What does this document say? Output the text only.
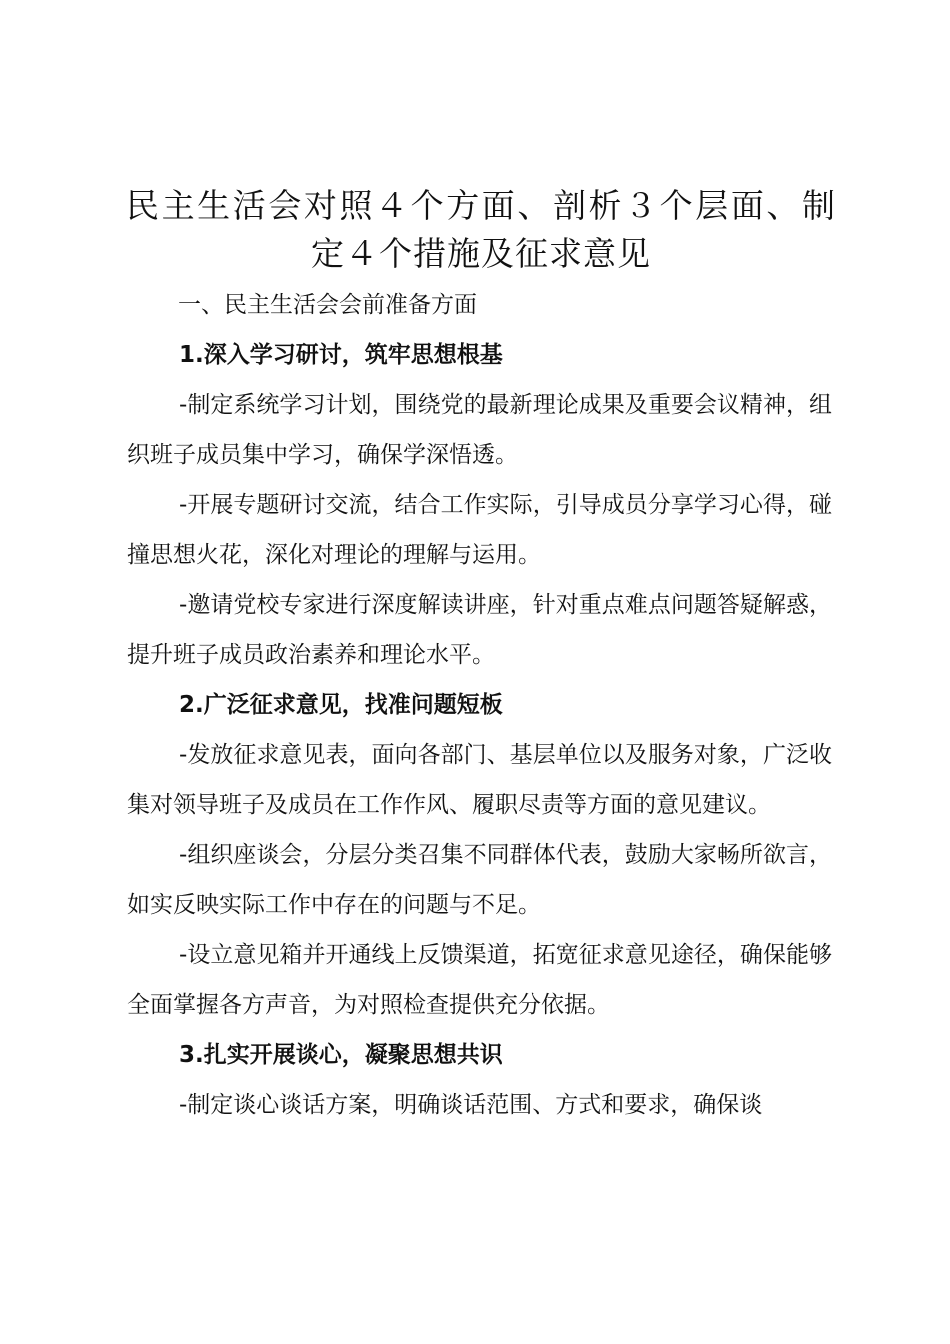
民主生活会对照４个方面、剖析３个层面、制定４个措施及征求意见
一、民主生活会会前准备方面

1.深入学习研讨，筑牢思想根基

-制定系统学习计划，围绕党的最新理论成果及重要会议精神，组织班子成员集中学习，确保学深悟透。

-开展专题研讨交流，结合工作实际，引导成员分享学习心得，碰撞思想火花，深化对理论的理解与运用。

-邀请党校专家进行深度解读讲座，针对重点难点问题答疑解惑，提升班子成员政治素养和理论水平。

2.广泛征求意见，找准问题短板

-发放征求意见表，面向各部门、基层单位以及服务对象，广泛收集对领导班子及成员在工作作风、履职尽责等方面的意见建议。

-组织座谈会，分层分类召集不同群体代表，鼓励大家畅所欲言，如实反映实际工作中存在的问题与不足。

-设立意见箱并开通线上反馈渠道，拓宽征求意见途径，确保能够全面掌握各方声音，为对照检查提供充分依据。

3.扎实开展谈心，凝聚思想共识

-制定谈心谈话方案，明确谈话范围、方式和要求，确保谈
